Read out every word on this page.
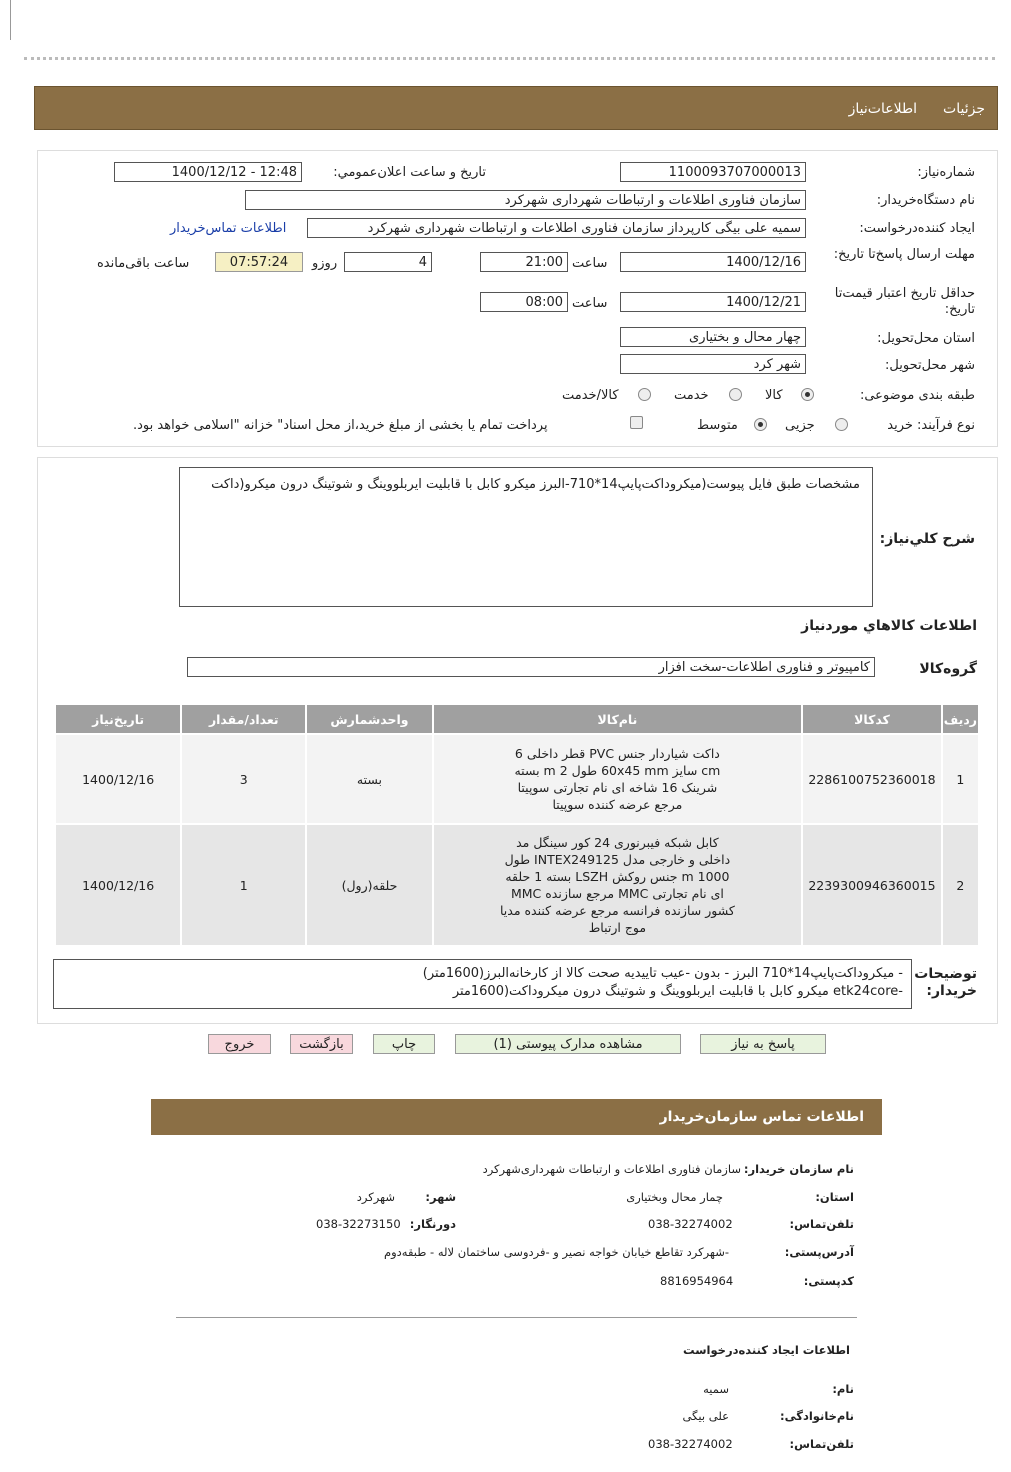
جزئیات
اطلاعات‌نیاز
شماره‌نیاز:
1100093707000013
تاریخ و ساعت اعلان‌عمومي:
1400/12/12 - 12:48
نام دستگاه‌خریدار:
سازمان فناوری اطلاعات و ارتباطات شهرداری شهرکرد
ایجاد کننده‌درخواست:
سمیه علی بیگی کارپرداز سازمان فناوری اطلاعات و ارتباطات شهرداری شهرکرد
اطلاعات تماس‌خریدار
مهلت ارسال پاسخ‌تا تاریخ:
1400/12/16
ساعت
21:00
4
روزو
07:57:24
ساعت باقی‌مانده
حداقل تاریخ اعتبار قیمت‌تا تاریخ:
1400/12/21
ساعت
08:00
استان محل‌تحویل:
چهار محال و بختیاری
شهر محل‌تحویل:
شهر کرد
طبقه بندی موضوعی:
کالا
خدمت
کالا/خدمت
نوع فرآیند: خرید
جزیی
متوسط
پرداخت تمام یا بخشی از مبلغ خرید،از محل اسناد" خزانه "اسلامی خواهد بود.
مشخصات طبق فایل پیوست(میکروداکت‌پایپ14*710-البرز میکرو کابل با قابلیت ایربلووینگ و شوتینگ درون میکرو(داکت
شرح کلي‌نیاز:
اطلاعات کالاهاي موردنياز
گروه‌کالا
کامپیوتر و فناوری اطلاعات-سخت افزار
ردیف	کدکالا	نام‌کالا	واحدشمارش	تعداد/مقدار	تاریخ‌نیاز
1	2286100752360018	داکت شیاردار جنس PVC قطر داخلی 6 cm سایز 60x45 mm طول 2 m بسته شرینک 16 شاخه ای نام تجارتی سوپیتا مرجع عرضه کننده سوپیتا	بسته	3	1400/12/16
2	2239300946360015	کابل شبکه فیبرنوری 24 کور سینگل مد داخلی و خارجی مدل INTEX249125 طول 1000 m جنس روکش LSZH بسته 1 حلقه ای نام تجارتی MMC مرجع سازنده MMC کشور سازنده فرانسه مرجع عرضه کننده مدیا موج ارتباط	حلقه(رول)	1	1400/12/16
توضیحات خریدار:
- میکروداکت‌پایپ14*710 البرز - بدون -عیب تاییدیه صحت کالا از کارخانه‌البرز(1600متر)
-etk24core میکرو کابل با قابلیت ایربلووینگ و شوتینگ درون میکروداکت(1600متر
پاسخ به نیاز
مشاهده مدارک پیوستی (1)
چاپ
بازگشت
خروج
اطلاعات تماس سازمان‌خریدار
نام سازمان خریدار:
سازمان فناوری اطلاعات و ارتباطات شهرداری‌شهرکرد
استان:
چمار محال وبختیاری
شهر:
شهرکرد
تلفن‌تماس:
038-32274002
دورنگار:
038-32273150
آدرس‌پستی:
-شهرکرد تقاطع خیابان خواجه نصیر و -فردوسی ساختمان لاله - طبقه‌دوم
کدپستی:
8816954964
اطلاعات ایجاد کننده‌درخواست
نام:
سمیه
نام‌خانوادگی:
علی بیگی
تلفن‌تماس:
038-32274002
